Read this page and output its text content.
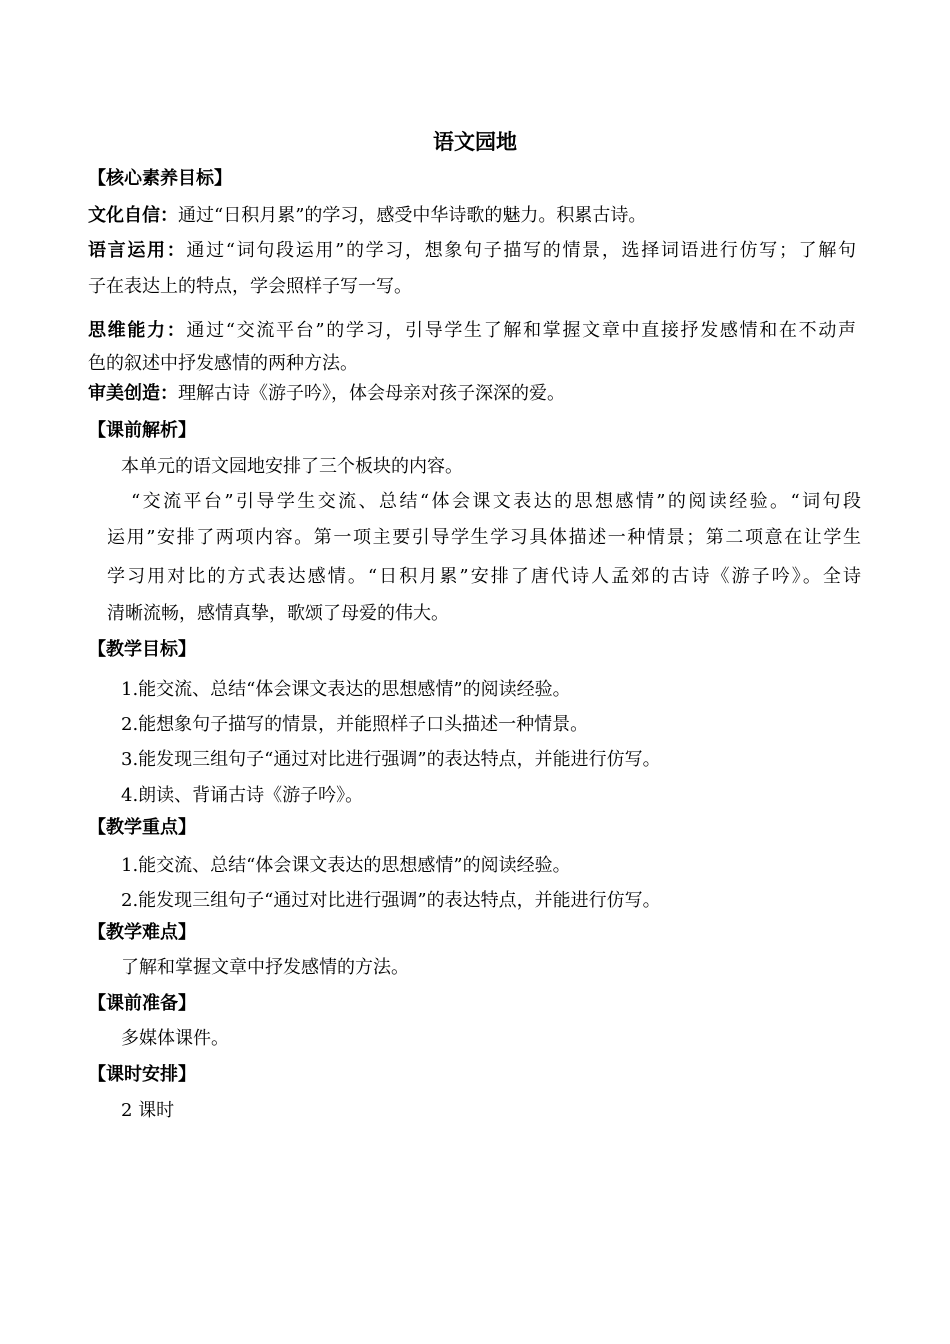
语文园地
【核心素养目标】
文化自信：通过“日积月累”的学习，感受中华诗歌的魅力。积累古诗。
语言运用：通过“词句段运用”的学习，想象句子描写的情景，选择词语进行仿写；了解句
子在表达上的特点，学会照样子写一写。
思维能力：通过“交流平台”的学习，引导学生了解和掌握文章中直接抒发感情和在不动声
色的叙述中抒发感情的两种方法。
审美创造：理解古诗《游子吟》，体会母亲对孩子深深的爱。
【课前解析】
本单元的语文园地安排了三个板块的内容。
“交流平台”引导学生交流、总结“体会课文表达的思想感情”的阅读经验。“词句段
运用”安排了两项内容。第一项主要引导学生学习具体描述一种情景；第二项意在让学生
学习用对比的方式表达感情。“日积月累”安排了唐代诗人孟郊的古诗《游子吟》。全诗
清晰流畅，感情真挚，歌颂了母爱的伟大。
【教学目标】
1.能交流、总结“体会课文表达的思想感情”的阅读经验。
2.能想象句子描写的情景，并能照样子口头描述一种情景。
3.能发现三组句子“通过对比进行强调”的表达特点，并能进行仿写。
4.朗读、背诵古诗《游子吟》。
【教学重点】
1.能交流、总结“体会课文表达的思想感情”的阅读经验。
2.能发现三组句子“通过对比进行强调”的表达特点，并能进行仿写。
【教学难点】
了解和掌握文章中抒发感情的方法。
【课前准备】
多媒体课件。
【课时安排】
2 课时
